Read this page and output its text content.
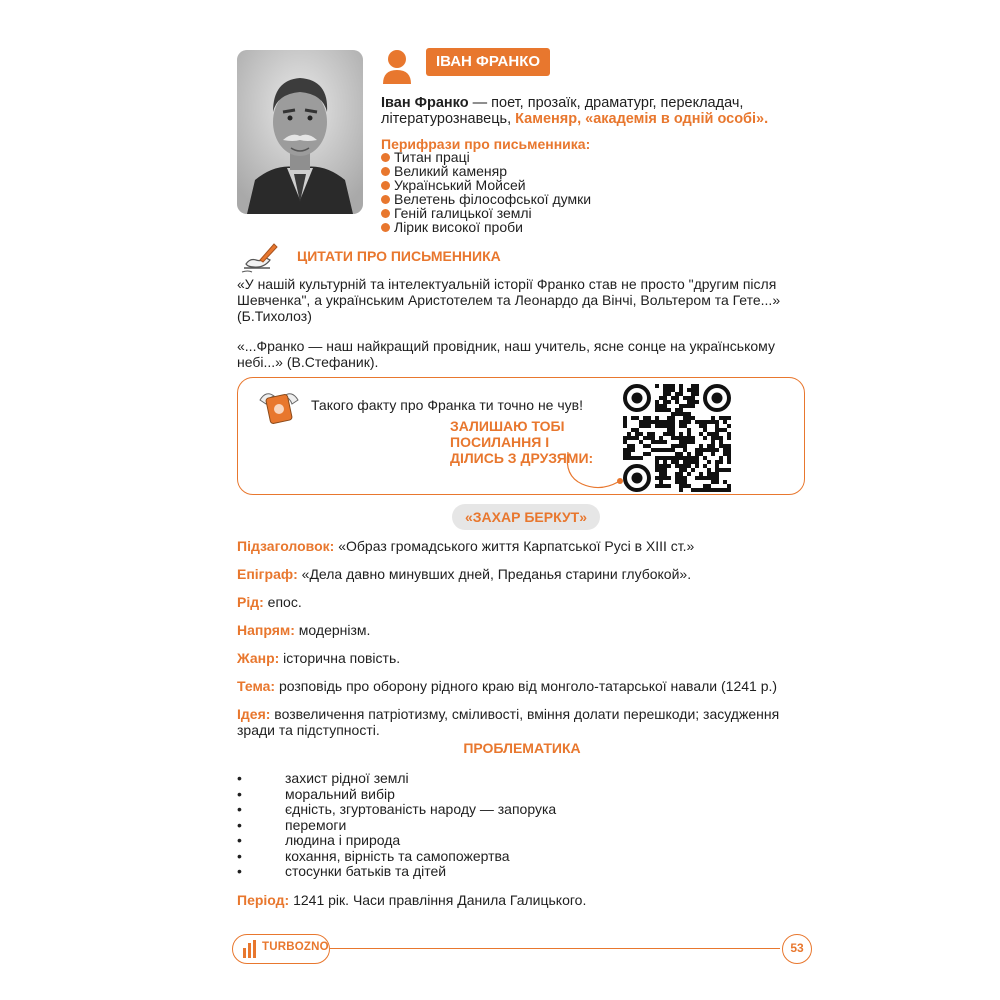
ІВАН ФРАНКО
Іван Франко — поет, прозаїк, драматург, перекладач, літературознавець, Каменяр, «академія в одній особі».
Перифрази про письменника:
Титан праці
Великий каменяр
Український Мойсей
Велетень філософської думки
Геній галицької землі
Лірик високої проби
ЦИТАТИ ПРО ПИСЬМЕННИКА
«У нашій культурній та інтелектуальній історії Франко став не просто "другим після Шевченка", а українським Аристотелем та Леонардо да Вінчі, Вольтером та Гете...» (Б.Тихолоз)
«...Франко — наш найкращий провідник, наш учитель, ясне сонце на українському небі...» (В.Стефаник).
Такого факту про Франка ти точно не чув!
ЗАЛИШАЮ ТОБІ ПОСИЛАННЯ І ДІЛИСЬ З ДРУЗЯМИ:
«ЗАХАР БЕРКУТ»
Підзаголовок: «Образ громадського життя Карпатської Русі в XIII ст.»
Епіграф: «Дела давно минувших дней, Преданья старини глубокой».
Рід: епос.
Напрям: модернізм.
Жанр: історична повість.
Тема: розповідь про оборону рідного краю від монголо-татарської навали (1241 р.)
Ідея: возвеличення патріотизму, сміливості, вміння долати перешкоди; засудження зради та підступності.
ПРОБЛЕМАТИКА
• захист рідної землі
• моральний вибір
• єдність, згуртованість народу — запорука
• перемоги
• людина і природа
• кохання, вірність та самопожертва
• стосунки батьків та дітей
Період: 1241 рік. Часи правління Данила Галицького.
TURBOZNO	53
